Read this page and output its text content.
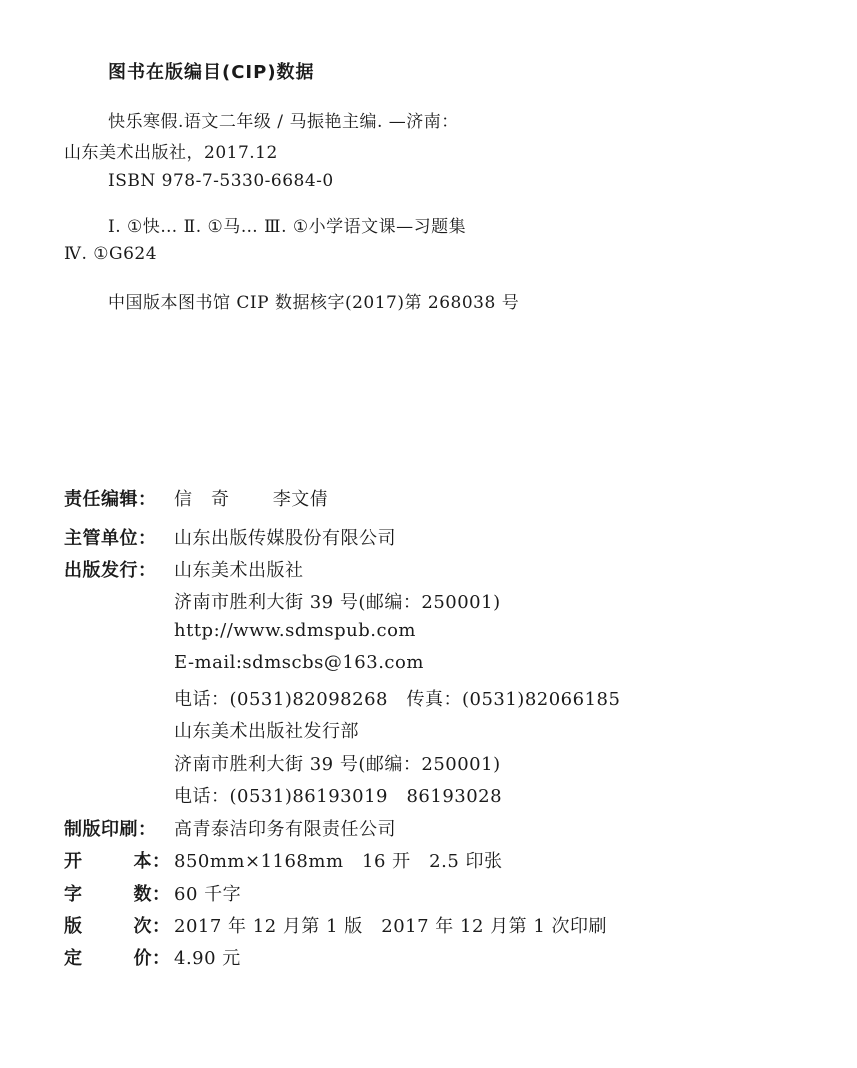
图书在版编目(CIP)数据
快乐寒假.语文二年级 / 马振艳主编. —济南：
山东美术出版社，2017.12
ISBN 978-7-5330-6684-0
Ⅰ. ①快… Ⅱ. ①马… Ⅲ. ①小学语文课—习题集
Ⅳ. ①G624
中国版本图书馆 CIP 数据核字(2017)第 268038 号
责任编辑： 信　奇　　 李文倩
主管单位： 山东出版传媒股份有限公司
出版发行： 山东美术出版社
济南市胜利大街 39 号(邮编：250001)
http://www.sdmspub.com
E-mail:sdmscbs@163.com
电话：(0531)82098268　传真：(0531)82066185
山东美术出版社发行部
济南市胜利大街 39 号(邮编：250001)
电话：(0531)86193019　86193028
制版印刷： 高青泰洁印务有限责任公司
开	本 ： 850mm×1168mm　16 开　2.5 印张
字	数 ： 60 千字
版	次 ： 2017 年 12 月第 1 版　2017 年 12 月第 1 次印刷
定	价 ： 4.90 元
